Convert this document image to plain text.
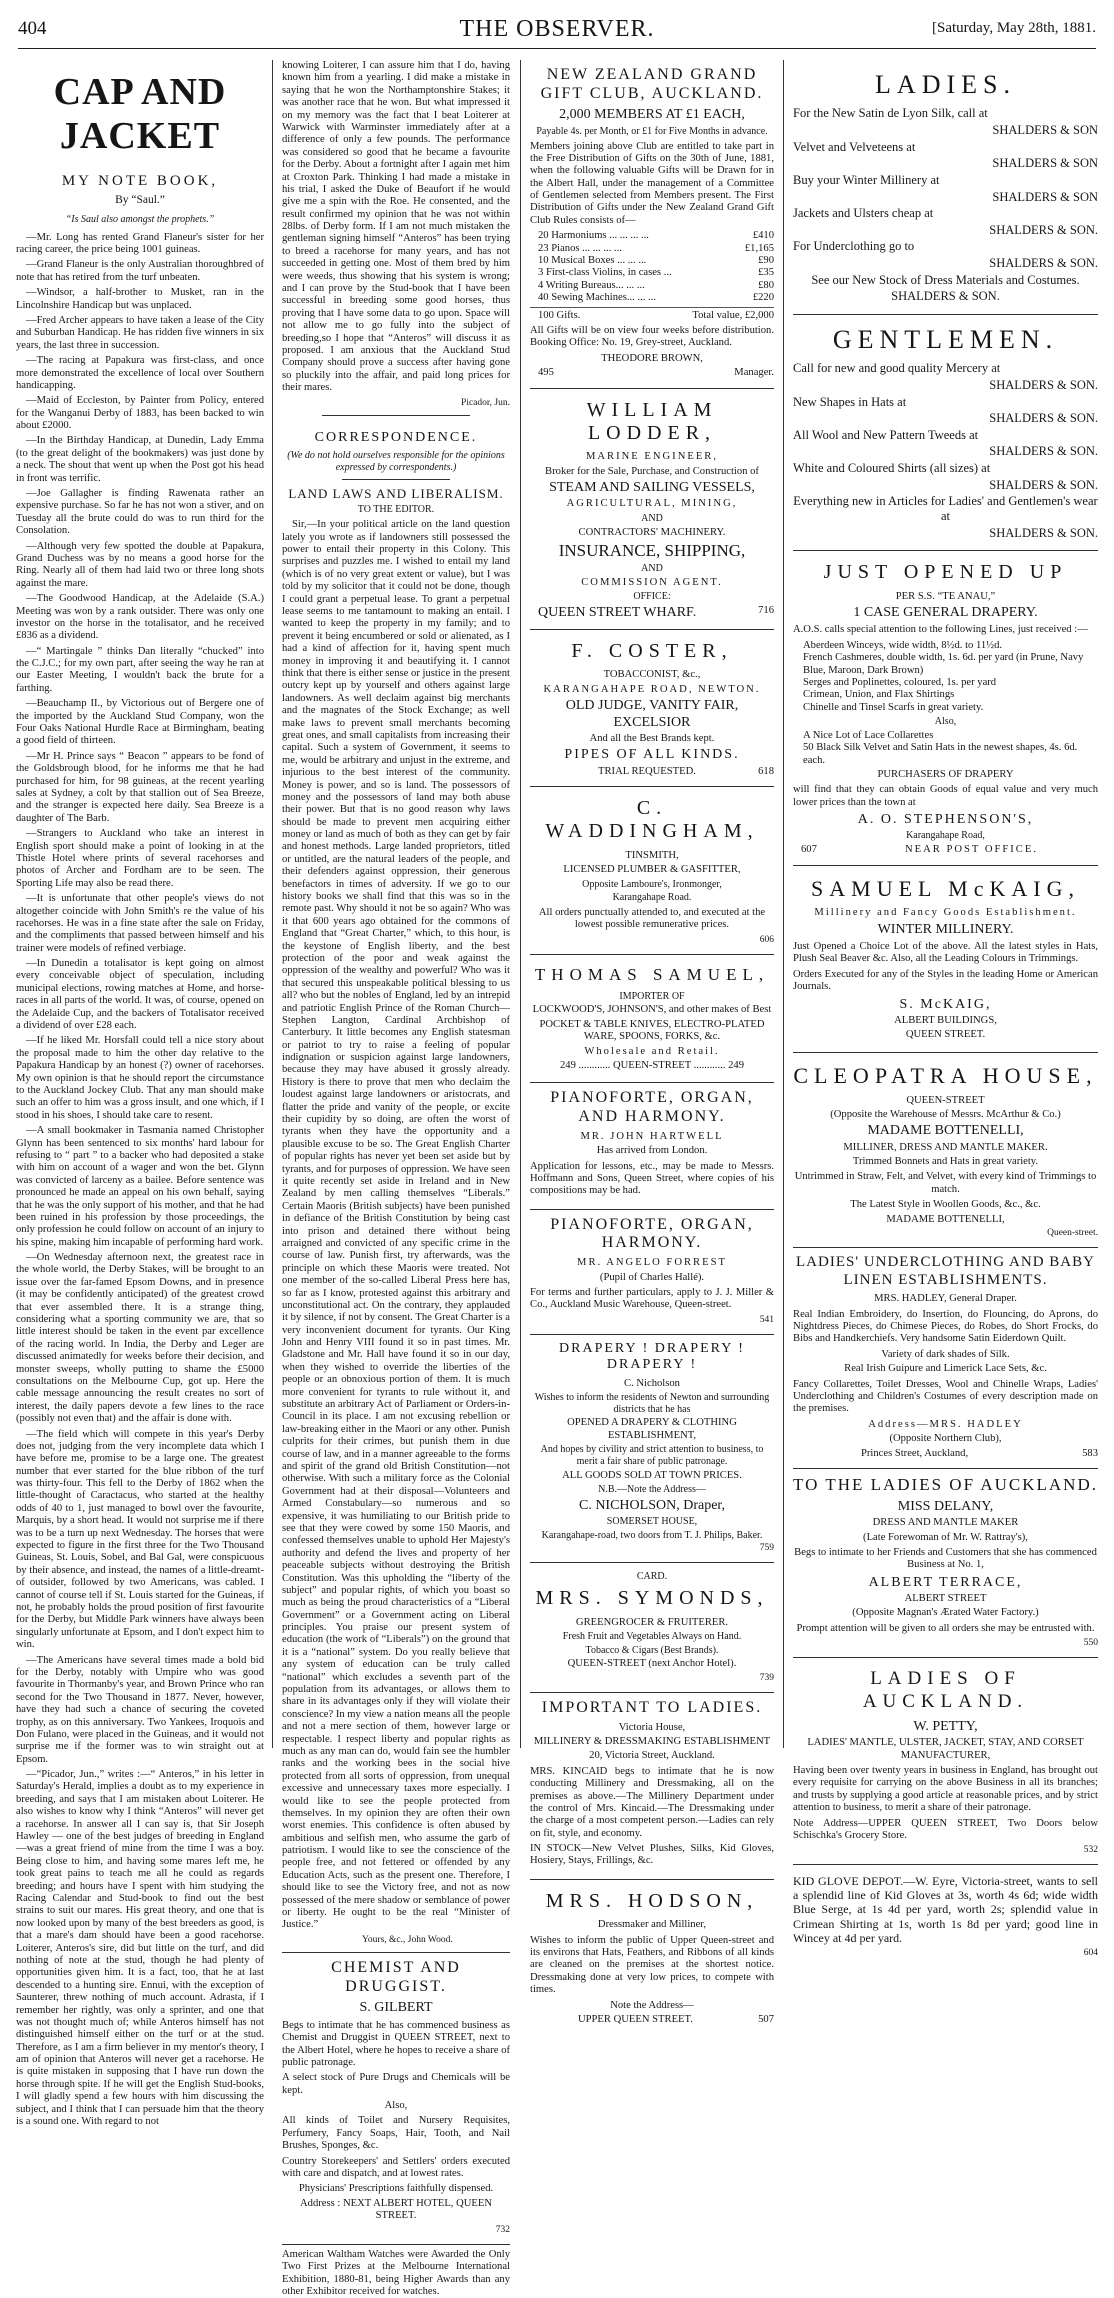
404	THE OBSERVER.	[Saturday, May 28th, 1881.
CAP AND JACKET
MY NOTE BOOK,
By “Saul.”
“Is Saul also amongst the prophets.”

—Mr. Long has rented Grand Flaneur's sister for her racing career, the price being 1001 guineas.

—Grand Flaneur is the only Australian thoroughbred of note that has retired from the turf unbeaten.

—Windsor, a half-brother to Musket, ran in the Lincolnshire Handicap but was unplaced.

—Fred Archer appears to have taken a lease of the City and Suburban Handicap. He has ridden five winners in six years, the last three in succession.

—The racing at Papakura was first-class, and once more demonstrated the excellence of local over Southern handicapping.

—Maid of Eccleston, by Painter from Policy, entered for the Wanganui Derby of 1883, has been backed to win about £2000.

—In the Birthday Handicap, at Dunedin, Lady Emma (to the great delight of the bookmakers) was just done by a neck. The shout that went up when the Post got his head in front was terrific.

—Joe Gallagher is finding Rawenata rather an expensive purchase. So far he has not won a stiver, and on Tuesday all the brute could do was to run third for the Consolation.

—Although very few spotted the double at Papakura, Grand Duchess was by no means a good horse for the Ring. Nearly all of them had laid two or three long shots against the mare.

—The Goodwood Handicap, at the Adelaide (S.A.) Meeting was won by a rank outsider. There was only one investor on the horse in the totalisator, and he received £836 as a dividend.

—“ Martingale ” thinks Dan literally “chucked” into the C.J.C.; for my own part, after seeing the way he ran at our Easter Meeting, I wouldn't back the brute for a farthing.

—Beauchamp II., by Victorious out of Bergere one of the imported by the Auckland Stud Company, won the Four Oaks National Hurdle Race at Birmingham, beating a good field of thirteen.

—Mr H. Prince says “ Beacon ” appears to be fond of the Goldsbrough blood, for he informs me that he had purchased for him, for 98 guineas, at the recent yearling sales at Sydney, a colt by that stallion out of Sea Breeze, and the stranger is expected here daily. Sea Breeze is a daughter of The Barb.

—Strangers to Auckland who take an interest in English sport should make a point of looking in at the Thistle Hotel where prints of several racehorses and photos of Archer and Fordham are to be seen. The Sporting Life may also be read there.

—It is unfortunate that other people's views do not altogether coincide with John Smith's re the value of his racehorses. He was in a fine state after the sale on Friday, and the compliments that passed between himself and his trainer were models of refined verbiage.

—In Dunedin a totalisator is kept going on almost every conceivable object of speculation, including municipal elections, rowing matches at Home, and horse-races in all parts of the world. It was, of course, opened on the Adelaide Cup, and the backers of Totalisator received a dividend of over £28 each.

—If he liked Mr. Horsfall could tell a nice story about the proposal made to him the other day relative to the Papakura Handicap by an honest (?) owner of racehorses. My own opinion is that he should report the circumstance to the Auckland Jockey Club. That any man should make such an offer to him was a gross insult, and one which, if I stood in his shoes, I should take care to resent.

—A small bookmaker in Tasmania named Christopher Glynn has been sentenced to six months' hard labour for refusing to “ part ” to a backer who had deposited a stake with him on account of a wager and won the bet. Glynn was convicted of larceny as a bailee. Before sentence was pronounced he made an appeal on his own behalf, saying that he was the only support of his mother, and that he had been ruined in his profession by those proceedings, the only profession he could follow on account of an injury to his spine, making him incapable of performing hard work.

—On Wednesday afternoon next, the greatest race in the whole world, the Derby Stakes, will be brought to an issue over the far-famed Epsom Downs, and in presence (it may be confidently anticipated) of the greatest crowd that ever assembled there. It is a strange thing, considering what a sporting community we are, that so little interest should be taken in the event par excellence of the racing world. In India, the Derby and Leger are discussed animatedly for weeks before their decision, and monster sweeps, wholly putting to shame the £5000 consultations on the Melbourne Cup, got up. Here the cable message announcing the result creates no sort of interest, the daily papers devote a few lines to the race (possibly not even that) and the affair is done with.

—The field which will compete in this year's Derby does not, judging from the very incomplete data which I have before me, promise to be a large one. The greatest number that ever started for the blue ribbon of the turf was thirty-four. This fell to the Derby of 1862 when the little-thought of Caractacus, who started at the healthy odds of 40 to 1, just managed to bowl over the favourite, Marquis, by a short head. It would not surprise me if there was to be a turn up next Wednesday. The horses that were expected to figure in the first three for the Two Thousand Guineas, St. Louis, Sobel, and Bal Gal, were conspicuous by their absence, and instead, the names of a little-dreamt-of outsider, followed by two Americans, was cabled. I cannot of course tell if St. Louis started for the Guineas, if not, he probably holds the proud position of first favourite for the Derby, but Middle Park winners have always been singularly unfortunate at Epsom, and I don't expect him to win.

—The Americans have several times made a bold bid for the Derby, notably with Umpire who was good favourite in Thormanby's year, and Brown Prince who ran second for the Two Thousand in 1877. Never, however, have they had such a chance of securing the coveted trophy, as on this anniversary. Two Yankees, Iroquois and Don Fulano, were placed in the Guineas, and it would not surprise me if the former was to win straight out at Epsom.

—“Picador, Jun.,” writes :—“ Anteros,” in his letter in Saturday's Herald, implies a doubt as to my experience in breeding, and says that I am mistaken about Loiterer. He also wishes to know why I think “Anteros” will never get a racehorse. In answer all I can say is, that Sir Joseph Hawley — one of the best judges of breeding in England—was a great friend of mine from the time I was a boy. Being close to him, and having some mares left me, he took great pains to teach me all he could as regards breeding; and hours have I spent with him studying the Racing Calendar and Stud-book to find out the best strains to suit our mares. His great theory, and one that is now looked upon by many of the best breeders as good, is that a mare's dam should have been a good racehorse. Loiterer, Anteros's sire, did but little on the turf, and did nothing of note at the stud, though he had plenty of opportunities given him. It is a fact, too, that he at last descended to a hunting sire. Ennui, with the exception of Saunterer, threw nothing of much account. Adrasta, if I remember her rightly, was only a sprinter, and one that was not thought much of; while Anteros himself has not distinguished himself either on the turf or at the stud. Therefore, as I am a firm believer in my mentor's theory, I am of opinion that Anteros will never get a racehorse. He is quite mistaken in supposing that I have run down the horse through spite. If he will get the English Stud-books, I will gladly spend a few hours with him discussing the subject, and I think that I can persuade him that the theory is a sound one. With regard to not

knowing Loiterer, I can assure him that I do, having known him from a yearling. I did make a mistake in saying that he won the Northamptonshire Stakes; it was another race that he won. But what impressed it on my memory was the fact that I beat Loiterer at Warwick with Warminster immediately after at a difference of only a few pounds. The performance was considered so good that he became a favourite for the Derby. About a fortnight after I again met him at Croxton Park. Thinking I had made a mistake in his trial, I asked the Duke of Beaufort if he would give me a spin with the Roe. He consented, and the result confirmed my opinion that he was not within 28lbs. of Derby form. If I am not much mistaken the gentleman signing himself “Anteros” has been trying to breed a racehorse for many years, and has not succeeded in getting one. Most of them bred by him were weeds, thus showing that his system is wrong; and I can prove by the Stud-book that I have been successful in breeding some good horses, thus proving that I have some data to go upon. Space will not allow me to go fully into the subject of breeding,so I hope that “Anteros” will discuss it as proposed. I am anxious that the Auckland Stud Company should prove a success after having gone so pluckily into the affair, and paid long prices for their mares.

Picador, Jun.
CORRESPONDENCE.
(We do not hold ourselves responsible for the opinions expressed by correspondents.)
LAND LAWS AND LIBERALISM.
TO THE EDITOR.

Sir,—In your political article on the land question lately you wrote as if landowners still possessed the power to entail their property in this Colony. This surprises and puzzles me. I wished to entail my land (which is of no very great extent or value), but I was told by my solicitor that it could not be done, though I could grant a perpetual lease. To grant a perpetual lease seems to me tantamount to making an entail. I wanted to keep the property in my family; and to prevent it being encumbered or sold or alienated, as I had a kind of affection for it, having spent much money in improving it and beautifying it. I cannot think that there is either sense or justice in the present outcry kept up by yourself and others against large landowners. As well declaim against big merchants and the magnates of the Stock Exchange; as well make laws to prevent small merchants becoming great ones, and small capitalists from increasing their capital. Such a system of Government, it seems to me, would be arbitrary and unjust in the extreme, and injurious to the best interest of the community. Money is power, and so is land. The possessors of money and the possessors of land may both abuse their power. But that is no good reason why laws should be made to prevent men acquiring either money or land as much of both as they can get by fair and honest methods. Large landed proprietors, titled or untitled, are the natural leaders of the people, and their defenders against oppression, their generous benefactors in times of adversity. If we go to our history books we shall find that this was so in the remote past. Why should it not be so again? Who was it that 600 years ago obtained for the commons of England that “Great Charter,” which, to this hour, is the keystone of English liberty, and the best protection of the poor and weak against the oppression of the wealthy and powerful? Who was it that secured this unspeakable political blessing to us all? who but the nobles of England, led by an intrepid and patriotic English Prince of the Roman Church—Stephen Langton, Cardinal Archbishop of Canterbury. It little becomes any English statesman or patriot to try to raise a feeling of popular indignation or suspicion against large landowners, because they may have abused it grossly already. History is there to prove that men who declaim the loudest against large landowners or aristocrats, and flatter the pride and vanity of the people, or excite their cupidity by so doing, are often the worst of tyrants when they have the opportunity and a plausible excuse to be so. The Great English Charter of popular rights has never yet been set aside but by tyrants, and for purposes of oppression. We have seen it quite recently set aside in Ireland and in New Zealand by men calling themselves “Liberals.” Certain Maoris (British subjects) have been punished in defiance of the British Constitution by being cast into prison and detained there without being arraigned and convicted of any specific crime in the course of law. Punish first, try afterwards, was the principle on which these Maoris were treated. Not one member of the so-called Liberal Press here has, so far as I know, protested against this arbitrary and unconstitutional act. On the contrary, they applauded it by silence, if not by consent. The Great Charter is a very inconvenient document for tyrants. Our King John and Henry VIII found it so in past times. Mr. Gladstone and Mr. Hall have found it so in our day, when they wished to override the liberties of the people or an obnoxious portion of them. It is much more convenient for tyrants to rule without it, and substitute an arbitrary Act of Parliament or Orders-in-Council in its place. I am not excusing rebellion or law-breaking either in the Maori or any other. Punish culprits for their crimes, but punish them in due course of law, and in a manner agreeable to the forms and spirit of the grand old British Constitution—not otherwise. With such a military force as the Colonial Government had at their disposal—Volunteers and Armed Constabulary—so numerous and so expensive, it was humiliating to our British pride to see that they were cowed by some 150 Maoris, and confessed themselves unable to uphold Her Majesty's authority and defend the lives and property of her peaceable subjects without destroying the British Constitution. Was this upholding the “liberty of the subject” and popular rights, of which you boast so much as being the proud characteristics of a “Liberal Government” or a Government acting on Liberal principles. You praise our present system of education (the work of “Liberals”) on the ground that it is a “national” system. Do you really believe that any system of education can be truly called “national” which excludes a seventh part of the population from its advantages, or allows them to share in its advantages only if they will violate their conscience? In my view a nation means all the people and not a mere section of them, however large or respectable. I respect liberty and popular rights as much as any man can do, would fain see the humbler ranks and the working bees in the social hive protected from all sorts of oppression, from unequal excessive and unnecessary taxes more especially. I would like to see the people protected from themselves. In my opinion they are often their own worst enemies. This confidence is often abused by ambitious and selfish men, who assume the garb of patriotism. I would like to see the conscience of the people free, and not fettered or offended by any Education Acts, such as the present one. Therefore, I should like to see the Victory free, and not as now possessed of the mere shadow or semblance of power or liberty. He ought to be the real “Minister of Justice.”

Yours, &c., John Wood.
CHEMIST AND DRUGGIST.
S. GILBERT
Begs to intimate that he has commenced business as Chemist and Druggist in QUEEN STREET, next to the Albert Hotel, where he hopes to receive a share of public patronage.
A select stock of Pure Drugs and Chemicals will be kept.
Also,
All kinds of Toilet and Nursery Requisites, Perfumery, Fancy Soaps, Hair, Tooth, and Nail Brushes, Sponges, &c.
Country Storekeepers' and Settlers' orders executed with care and dispatch, and at lowest rates.
Physicians' Prescriptions faithfully dispensed.
Address : NEXT ALBERT HOTEL, QUEEN STREET.
732
American Waltham Watches were Awarded the Only Two First Prizes at the Melbourne International Exhibition, 1880-81, being Higher Awards than any other Exhibitor received for watches.
NEW ZEALAND GRAND GIFT CLUB, AUCKLAND.
2,000 MEMBERS AT £1 EACH,
Payable 4s. per Month, or £1 for Five Months in advance.
Members joining above Club are entitled to take part in the Free Distribution of Gifts on the 30th of June, 1881, when the following valuable Gifts will be Drawn for in the Albert Hall, under the management of a Committee of Gentlemen selected from Members present. The First Distribution of Gifts under the New Zealand Grand Gift Club Rules consists of—
20 Harmoniums ... ... ... ...	£410
23 Pianos ... ... ... ...	£1,165
10 Musical Boxes ... ... ...	£90
3 First-class Violins, in cases ...	£35
4 Writing Bureaus... ... ...	£80
40 Sewing Machines... ... ...	£220
100 Gifts.	Total value, £2,000
All Gifts will be on view four weeks before distribution. Booking Office: No. 19, Grey-street, Auckland.
THEODORE BROWN,
495	Manager.
WILLIAM LODDER,
MARINE ENGINEER,
Broker for the Sale, Purchase, and Construction of
STEAM AND SAILING VESSELS,
AGRICULTURAL, MINING,
AND
CONTRACTORS' MACHINERY.
INSURANCE, SHIPPING,
AND
COMMISSION AGENT.
OFFICE:
QUEEN STREET WHARF.	716
F. COSTER,
TOBACCONIST, &c.,
KARANGAHAPE ROAD, NEWTON.
OLD JUDGE, VANITY FAIR, EXCELSIOR
And all the Best Brands kept.
PIPES OF ALL KINDS.
TRIAL REQUESTED.	618
C. WADDINGHAM,
TINSMITH,
LICENSED PLUMBER & GASFITTER,
Opposite Lamboure's, Ironmonger,
Karangahape Road.
All orders punctually attended to, and executed at the lowest possible remunerative prices.
606
THOMAS SAMUEL,
IMPORTER OF
LOCKWOOD'S, JOHNSON'S, and other makes of Best
POCKET & TABLE KNIVES, ELECTRO-PLATED WARE, SPOONS, FORKS, &c.
Wholesale and Retail.
249 ............ QUEEN-STREET ............ 249
PIANOFORTE, ORGAN, AND HARMONY.
MR. JOHN HARTWELL
Has arrived from London.
Application for lessons, etc., may be made to Messrs. Hoffmann and Sons, Queen Street, where copies of his compositions may be had.
PIANOFORTE, ORGAN, HARMONY.
MR. ANGELO FORREST
(Pupil of Charles Hallé).
For terms and further particulars, apply to J. J. Miller & Co., Auckland Music Warehouse, Queen-street.
541
DRAPERY ! DRAPERY ! DRAPERY !
C. Nicholson
Wishes to inform the residents of Newton and surrounding districts that he has
OPENED A DRAPERY & CLOTHING ESTABLISHMENT,
And hopes by civility and strict attention to business, to merit a fair share of public patronage.
ALL GOODS SOLD AT TOWN PRICES.
N.B.—Note the Address—
C. NICHOLSON, Draper,
SOMERSET HOUSE,
Karangahape-road, two doors from T. J. Philips, Baker.
759
CARD.
MRS. SYMONDS,
GREENGROCER & FRUITERER.
Fresh Fruit and Vegetables Always on Hand.
Tobacco & Cigars (Best Brands).
QUEEN-STREET (next Anchor Hotel).
739
IMPORTANT TO LADIES.
Victoria House,
MILLINERY & DRESSMAKING ESTABLISHMENT
20, Victoria Street, Auckland.
MRS. KINCAID begs to intimate that he is now conducting Millinery and Dressmaking, all on the premises as above.—The Millinery Department under the control of Mrs. Kincaid.—The Dressmaking under the charge of a most competent person.—Ladies can rely on fit, style, and economy.
IN STOCK—New Velvet Plushes, Silks, Kid Gloves, Hosiery, Stays, Frillings, &c.
MRS. HODSON,
Dressmaker and Milliner,
Wishes to inform the public of Upper Queen-street and its environs that Hats, Feathers, and Ribbons of all kinds are cleaned on the premises at the shortest notice. Dressmaking done at very low prices, to compete with times.
Note the Address—
UPPER QUEEN STREET.	507
LADIES.
For the New Satin de Lyon Silk, call at
SHALDERS & SON
Velvet and Velveteens at
SHALDERS & SON
Buy your Winter Millinery at
SHALDERS & SON
Jackets and Ulsters cheap at
SHALDERS & SON.
For Underclothing go to
SHALDERS & SON.
See our New Stock of Dress Materials and Costumes.
SHALDERS & SON.
GENTLEMEN.
Call for new and good quality Mercery at
SHALDERS & SON.
New Shapes in Hats at
SHALDERS & SON.
All Wool and New Pattern Tweeds at
SHALDERS & SON.
White and Coloured Shirts (all sizes) at
SHALDERS & SON.
Everything new in Articles for Ladies' and Gentlemen's wear at
SHALDERS & SON.
JUST OPENED UP
PER S.S. “TE ANAU,”
1 CASE GENERAL DRAPERY.
A.O.S. calls special attention to the following Lines, just received :—
Aberdeen Winceys, wide width, 8½d. to 11½d.
French Cashmeres, double width, 1s. 6d. per yard (in Prune, Navy Blue, Maroon, Dark Brown)
Serges and Poplinettes, coloured, 1s. per yard
Crimean, Union, and Flax Shirtings
Chinelle and Tinsel Scarfs in great variety.
Also,
A Nice Lot of Lace Collarettes
50 Black Silk Velvet and Satin Hats in the newest shapes, 4s. 6d. each.
PURCHASERS OF DRAPERY
will find that they can obtain Goods of equal value and very much lower prices than the town at
A. O. STEPHENSON'S,
Karangahape Road,
607	NEAR POST OFFICE.
SAMUEL McKAIG,
Millinery and Fancy Goods Establishment.
WINTER MILLINERY.
Just Opened a Choice Lot of the above. All the latest styles in Hats, Plush Seal Beaver &c. Also, all the Leading Colours in Trimmings.
Orders Executed for any of the Styles in the leading Home or American Journals.
S. McKAIG,
ALBERT BUILDINGS,
QUEEN STREET.
CLEOPATRA HOUSE,
QUEEN-STREET
(Opposite the Warehouse of Messrs. McArthur & Co.)
MADAME BOTTENELLI,
MILLINER, DRESS AND MANTLE MAKER.
Trimmed Bonnets and Hats in great variety.
Untrimmed in Straw, Felt, and Velvet, with every kind of Trimmings to match.
The Latest Style in Woollen Goods, &c., &c.
MADAME BOTTENELLI,
Queen-street.
LADIES' UNDERCLOTHING AND BABY LINEN ESTABLISHMENTS.
MRS. HADLEY, General Draper.
Real Indian Embroidery, do Insertion, do Flouncing, do Aprons, do Nightdress Pieces, do Chimese Pieces, do Robes, do Short Frocks, do Bibs and Handkerchiefs. Very handsome Satin Eiderdown Quilt.
Variety of dark shades of Silk.
Real Irish Guipure and Limerick Lace Sets, &c.
Fancy Collarettes, Toilet Dresses, Wool and Chinelle Wraps, Ladies' Underclothing and Children's Costumes of every description made on the premises.
Address—MRS. HADLEY
(Opposite Northern Club),
Princes Street, Auckland,	583
TO THE LADIES OF AUCKLAND.
MISS DELANY,
DRESS AND MANTLE MAKER
(Late Forewoman of Mr. W. Rattray's),
Begs to intimate to her Friends and Customers that she has commenced Business at No. 1,
ALBERT TERRACE,
ALBERT STREET
(Opposite Magnan's Ærated Water Factory.)
Prompt attention will be given to all orders she may be entrusted with.
550
LADIES OF AUCKLAND.
W. PETTY,
LADIES' MANTLE, ULSTER, JACKET, STAY, AND CORSET MANUFACTURER,
Having been over twenty years in business in England, has brought out every requisite for carrying on the above Business in all its branches; and trusts by supplying a good article at reasonable prices, and by strict attention to business, to merit a share of their patronage.
Note Address—UPPER QUEEN STREET, Two Doors below Schischka's Grocery Store.
532
KID GLOVE DEPOT.—W. Eyre, Victoria-street, wants to sell a splendid line of Kid Gloves at 3s, worth 4s 6d; wide width Blue Serge, at 1s 4d per yard, worth 2s; splendid value in Crimean Shirting at 1s, worth 1s 8d per yard; good line in Wincey at 4d per yard.
604
